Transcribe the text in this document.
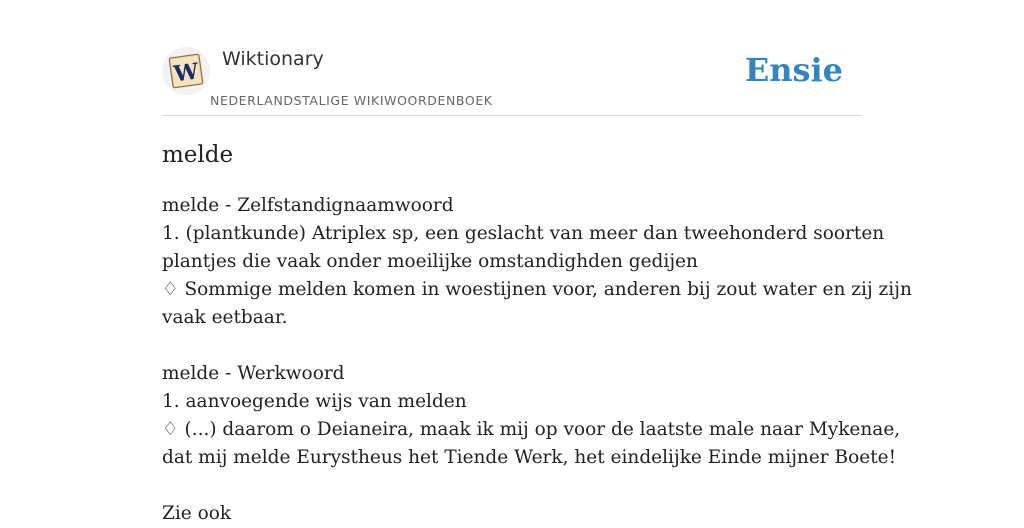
W Wiktionary
NEDERLANDSTALIGE WIKIWOORDENBOEK
Ensie
melde
melde - Zelfstandignaamwoord
1. (plantkunde) Atriplex sp, een geslacht van meer dan tweehonderd soorten
plantjes die vaak onder moeilijke omstandighden gedijen
♢ Sommige melden komen in woestijnen voor, anderen bij zout water en zij zijn
vaak eetbaar.
melde - Werkwoord
1. aanvoegende wijs van melden
♢ (...) daarom o Deianeira, maak ik mij op voor de laatste male naar Mykenae,
dat mij melde Eurystheus het Tiende Werk, het eindelijke Einde mijner Boete!
Zie ook
